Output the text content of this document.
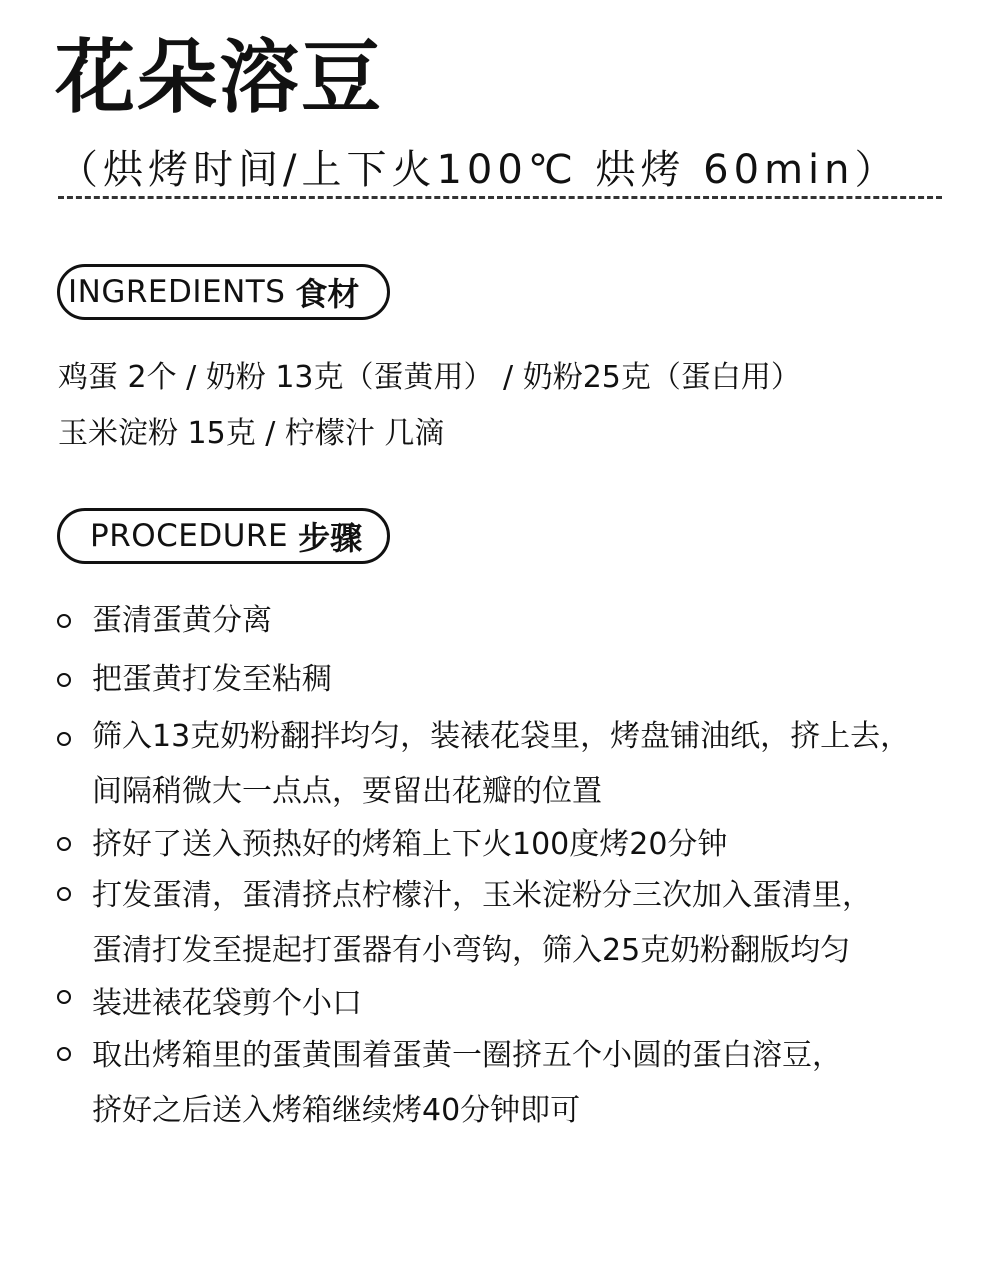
花朵溶豆
（烘烤时间/上下火100℃ 烘烤 60min）
INGREDIENTS 食材
鸡蛋 2个 / 奶粉 13克（蛋黄用） / 奶粉25克（蛋白用）
玉米淀粉 15克 / 柠檬汁 几滴
PROCEDURE 步骤
蛋清蛋黄分离
把蛋黄打发至粘稠
筛入13克奶粉翻拌均匀，装裱花袋里，烤盘铺油纸，挤上去，
间隔稍微大一点点，要留出花瓣的位置
挤好了送入预热好的烤箱上下火100度烤20分钟
打发蛋清，蛋清挤点柠檬汁，玉米淀粉分三次加入蛋清里，
蛋清打发至提起打蛋器有小弯钩，筛入25克奶粉翻版均匀
装进裱花袋剪个小口
取出烤箱里的蛋黄围着蛋黄一圈挤五个小圆的蛋白溶豆，
挤好之后送入烤箱继续烤40分钟即可
